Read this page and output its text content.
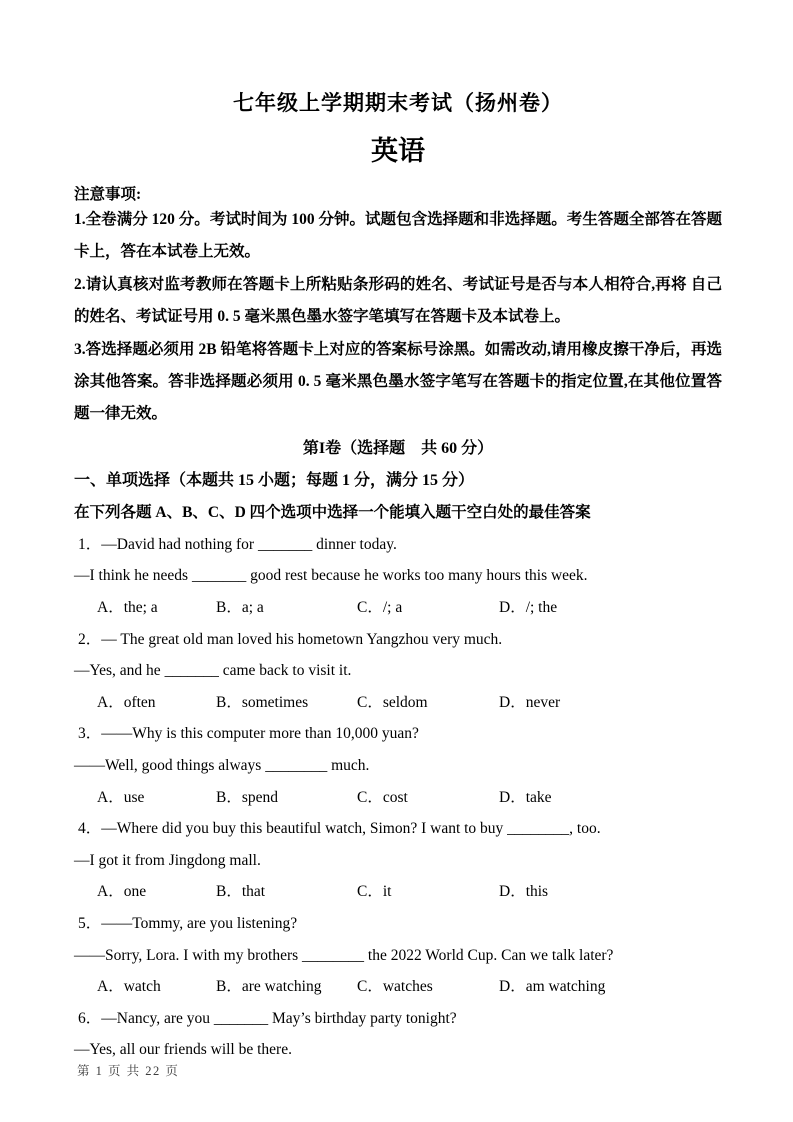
七年级上学期期末考试（扬州卷）
英语
注意事项:

1.全卷满分 120 分。考试时间为 100 分钟。试题包含选择题和非选择题。考生答题全部答在答题卡上，答在本试卷上无效。

2.请认真核对监考教师在答题卡上所粘贴条形码的姓名、考试证号是否与本人相符合,再将 自己的姓名、考试证号用 0. 5 毫米黑色墨水签字笔填写在答题卡及本试卷上。

3.答选择题必须用 2B 铅笔将答题卡上对应的答案标号涂黑。如需改动,请用橡皮擦干净后，再选涂其他答案。答非选择题必须用 0. 5 毫米黑色墨水签字笔写在答题卡的指定位置,在其他位置答题一律无效。

第I卷（选择题　共 60 分）
一、单项选择（本题共 15 小题；每题 1 分，满分 15 分）
在下列各题 A、B、C、D 四个选项中选择一个能填入题干空白处的最佳答案
1．—David had nothing for _______ dinner today.
—I think he needs _______ good rest because he works too many hours this week.
A．the; a	B．a; a	C．/; a	D．/; the
2．— The great old man loved his hometown Yangzhou very much.
—Yes, and he _______ came back to visit it.
A．often	B．sometimes	C．seldom	D．never
3．——Why is this computer more than 10,000 yuan?
——Well, good things always ________ much.
A．use	B．spend	C．cost	D．take
4．—Where did you buy this beautiful watch, Simon? I want to buy ________, too.
—I got it from Jingdong mall.
A．one	B．that	C．it	D．this
5．——Tommy, are you listening?
——Sorry, Lora. I with my brothers ________ the 2022 World Cup. Can we talk later?
A．watch	B．are watching	C．watches	D．am watching
6．—Nancy, are you _______ May’s birthday party tonight?
—Yes, all our friends will be there.
第 1 页 共 22 页
